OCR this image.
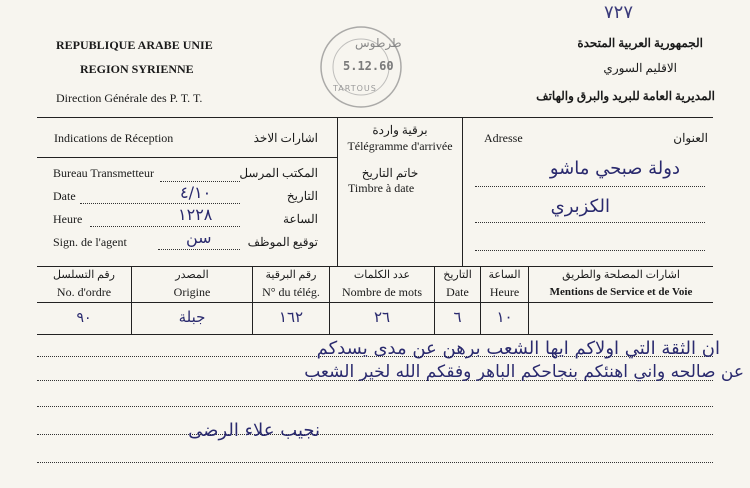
٧٢٧
REPUBLIQUE ARABE UNIE
REGION SYRIENNE
Direction Générale des P. T. T.
الجمهورية العربية المتحدة
الاقليم السوري
المديرية العامة للبريد والبرق والهاتف
طرطوس
5.12.60
TARTOUS
Indications de Réception	اشارات الاخذ
Bureau Transmetteur	المكتب المرسل
Date	التاريخ
٤/١٠
Heure	الساعة
١٢٢٨
Sign. de l'agent	توقيع الموظف
سن
برقية واردة
Télégramme d'arrivée
خاتم التاريخ
Timbre à date
Adresse	العنوان
دولة صبحي ماشو
الكزبري
رقم التسلسل
No. d'ordre
المصدر
Origine
رقم البرقية
N° du télég.
عدد الكلمات
Nombre de mots
التاريخ
Date
الساعة
Heure
اشارات المصلحة والطريق
Mentions de Service et de Voie
٩٠	جبلة	١٦٢	٢٦	٦	١٠
ان الثقة التي اولاكم ايها الشعب برهن عن مدى يسدكم
عن صالحه واني اهنئكم بنجاحكم الباهر وفقكم الله لخير الشعب
نجيب علاء الرضى
